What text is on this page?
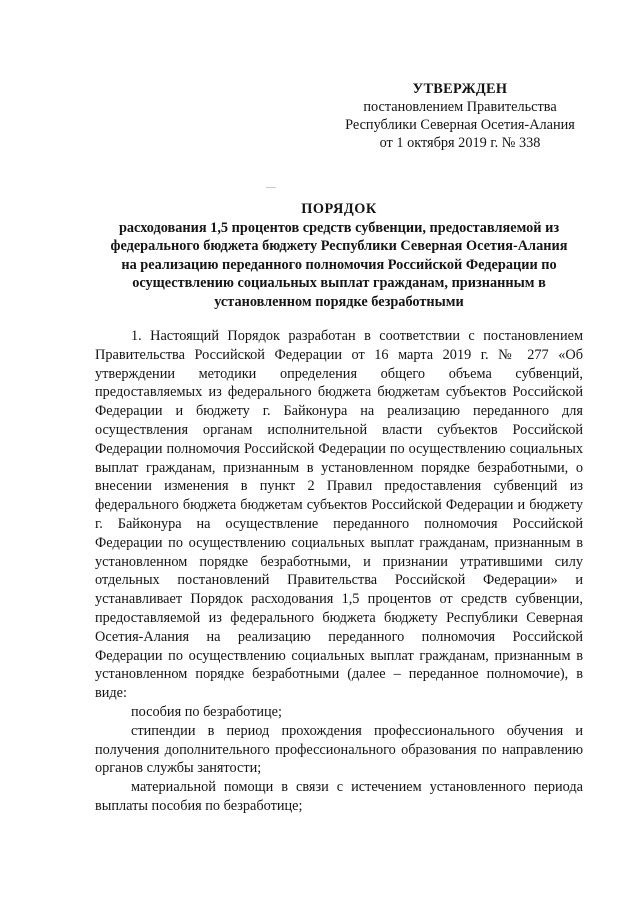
УТВЕРЖДЕН
постановлением Правительства
Республики Северная Осетия-Алания
от 1 октября 2019 г. № 338
ПОРЯДОК
расходования 1,5 процентов средств субвенции, предоставляемой из
федерального бюджета бюджету Республики Северная Осетия-Алания
на реализацию переданного полномочия Российской Федерации по
осуществлению социальных выплат гражданам, признанным в
установленном порядке безработными

1. Настоящий Порядок разработан в соответствии с постановлением Правительства Российской Федерации от 16 марта 2019 г. № 277 «Об утверждении методики определения общего объема субвенций, предоставляемых из федерального бюджета бюджетам субъектов Российской Федерации и бюджету г. Байконура на реализацию переданного для осуществления органам исполнительной власти субъектов Российской Федерации полномочия Российской Федерации по осуществлению социальных выплат гражданам, признанным в установленном порядке безработными, о внесении изменения в пункт 2 Правил предоставления субвенций из федерального бюджета бюджетам субъектов Российской Федерации и бюджету г. Байконура на осуществление переданного полномочия Российской Федерации по осуществлению социальных выплат гражданам, признанным в установленном порядке безработными, и признании утратившими силу отдельных постановлений Правительства Российской Федерации» и устанавливает Порядок расходования 1,5 процентов от средств субвенции, предоставляемой из федерального бюджета бюджету Республики Северная Осетия-Алания на реализацию переданного полномочия Российской Федерации по осуществлению социальных выплат гражданам, признанным в установленном порядке безработными (далее – переданное полномочие), в виде:

пособия по безработице;

стипендии в период прохождения профессионального обучения и получения дополнительного профессионального образования по направлению органов службы занятости;

материальной помощи в связи с истечением установленного периода выплаты пособия по безработице;
